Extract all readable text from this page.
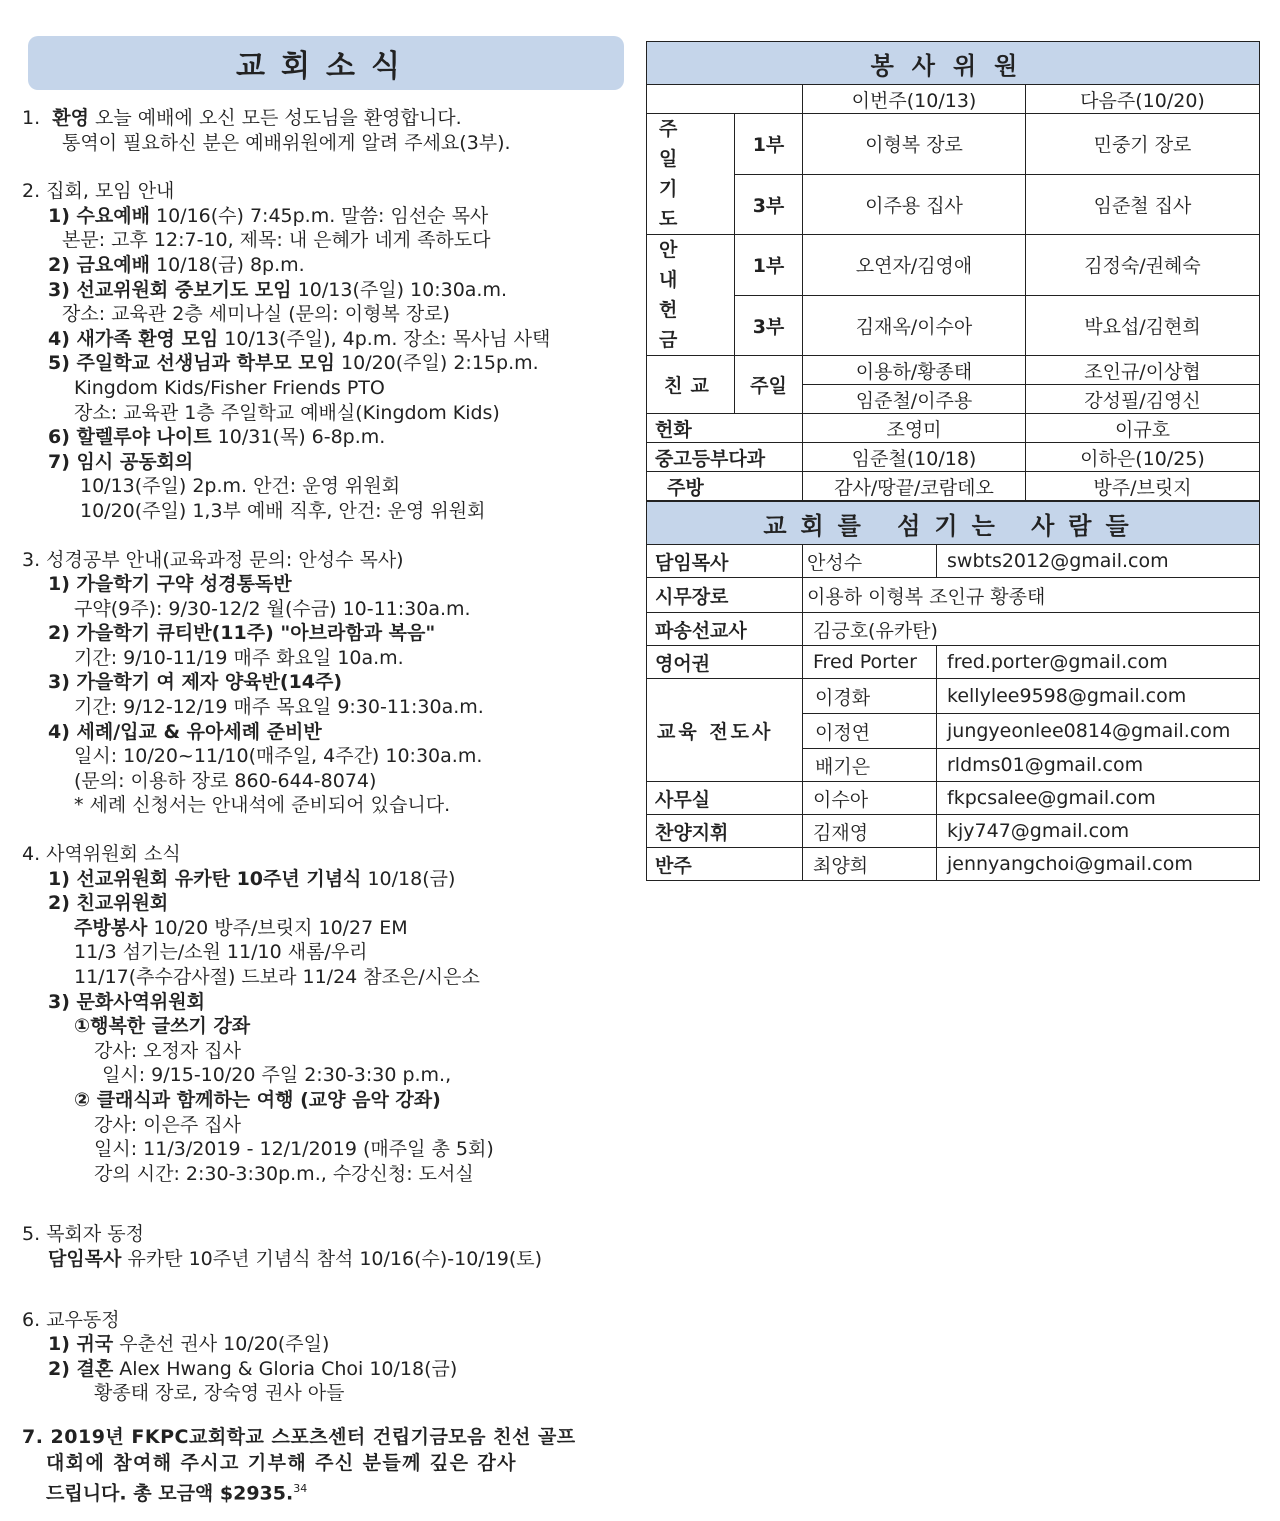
교회소식
1. 환영 오늘 예배에 오신 모든 성도님을 환영합니다.
통역이 필요하신 분은 예배위원에게 알려 주세요(3부).
2. 집회, 모임 안내
1) 수요예배 10/16(수) 7:45p.m. 말씀: 임선순 목사
본문: 고후 12:7-10, 제목: 내 은혜가 네게 족하도다
2) 금요예배 10/18(금) 8p.m.
3) 선교위원회 중보기도 모임 10/13(주일) 10:30a.m.
장소: 교육관 2층 세미나실 (문의: 이형복 장로)
4) 새가족 환영 모임 10/13(주일), 4p.m. 장소: 목사님 사택
5) 주일학교 선생님과 학부모 모임 10/20(주일) 2:15p.m.
Kingdom Kids/Fisher Friends PTO
장소: 교육관 1층 주일학교 예배실(Kingdom Kids)
6) 할렐루야 나이트 10/31(목) 6-8p.m.
7) 임시 공동회의
10/13(주일) 2p.m. 안건: 운영 위원회
10/20(주일) 1,3부 예배 직후, 안건: 운영 위원회
3. 성경공부 안내(교육과정 문의: 안성수 목사)
1) 가을학기 구약 성경통독반
구약(9주): 9/30-12/2 월(수금) 10-11:30a.m.
2) 가을학기 큐티반(11주) "아브라함과 복음"
기간: 9/10-11/19 매주 화요일 10a.m.
3) 가을학기 여 제자 양육반(14주)
기간: 9/12-12/19 매주 목요일 9:30-11:30a.m.
4) 세례/입교 & 유아세례 준비반
일시: 10/20~11/10(매주일, 4주간) 10:30a.m.
(문의: 이용하 장로 860-644-8074)
* 세례 신청서는 안내석에 준비되어 있습니다.
4. 사역위원회 소식
1) 선교위원회 유카탄 10주년 기념식 10/18(금)
2) 친교위원회
주방봉사 10/20 방주/브릿지 10/27 EM
11/3 섬기는/소원 11/10 새롬/우리
11/17(추수감사절) 드보라 11/24 참조은/시은소
3) 문화사역위원회
①행복한 글쓰기 강좌
강사: 오정자 집사
일시: 9/15-10/20 주일 2:30-3:30 p.m.,
② 클래식과 함께하는 여행 (교양 음악 강좌)
강사: 이은주 집사
일시: 11/3/2019 - 12/1/2019 (매주일 총 5회)
강의 시간: 2:30-3:30p.m., 수강신청: 도서실
5. 목회자 동정
담임목사 유카탄 10주년 기념식 참석 10/16(수)-10/19(토)
6. 교우동정
1) 귀국 우춘선 권사 10/20(주일)
2) 결혼 Alex Hwang & Gloria Choi 10/18(금)
황종태 장로, 장숙영 권사 아들
7. 2019년 FKPC교회학교 스포츠센터 건립기금모음 친선 골프
대회에 참여해 주시고 기부해 주신 분들께 깊은 감사
드립니다. 총 모금액 $2935.34
봉사위원			
		이번주(10/13)	다음주(10/20)
주 일 기 도	1부	이형복 장로	민중기 장로
	3부	이주용 집사	임준철 집사
안 내 헌 금	1부	오연자/김영애	김정숙/권혜숙
	3부	김재옥/이수아	박요섭/김현희
친교	주일	이용하/황종태	조인규/이상협
		임준철/이주용	강성필/김영신
헌화		조영미	이규호
중고등부다과		임준철(10/18)	이하은(10/25)
주방		감사/땅끝/코람데오	방주/브릿지
교회를 섬기는 사람들		
담임목사	안성수	swbts2012@gmail.com
시무장로	이용하 이형복 조인규 황종태	
파송선교사	김긍호(유카탄)	
영어권	Fred Porter	fred.porter@gmail.com
교육 전도사	이경화	kellylee9598@gmail.com
	이정연	jungyeonlee0814@gmail.com
	배기은	rldms01@gmail.com
사무실	이수아	fkpcsalee@gmail.com
찬양지휘	김재영	kjy747@gmail.com
반주	최양희	jennyangchoi@gmail.com
